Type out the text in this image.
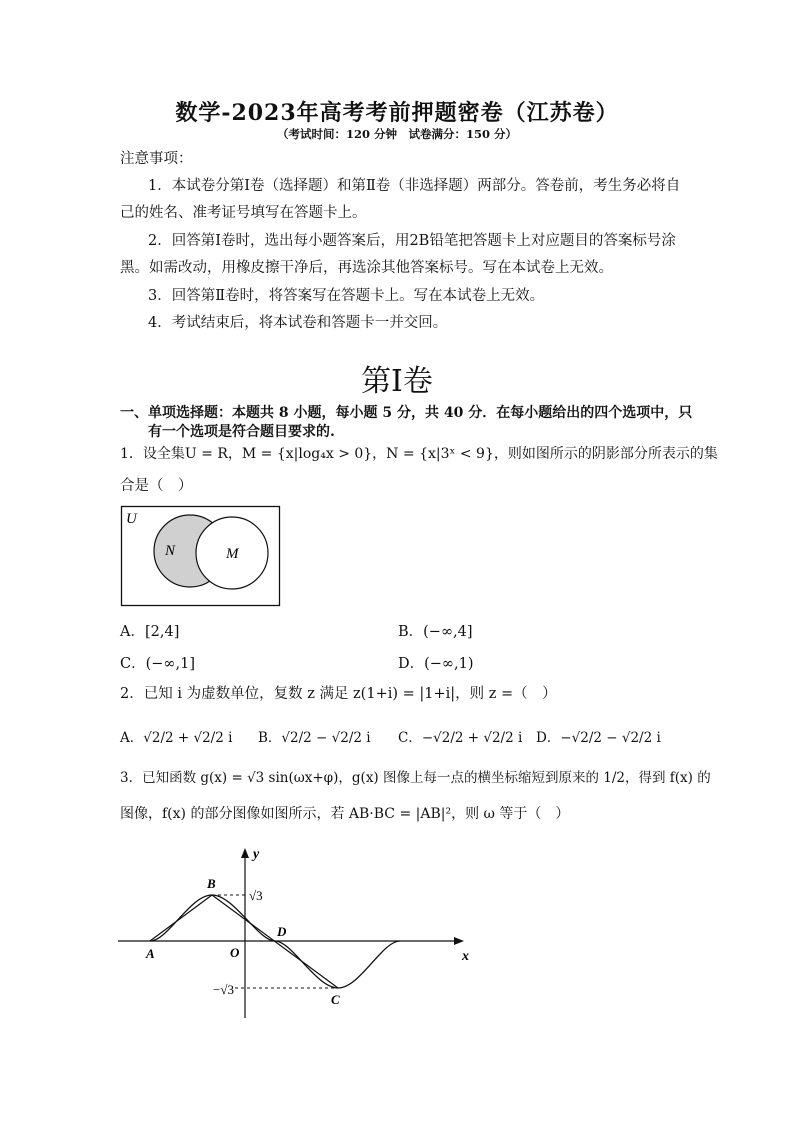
数学-2023年高考考前押题密卷（江苏卷）
（考试时间：120 分钟　试卷满分：150 分）
注意事项：
1．本试卷分第Ⅰ卷（选择题）和第Ⅱ卷（非选择题）两部分。答卷前，考生务必将自
己的姓名、准考证号填写在答题卡上。
2．回答第Ⅰ卷时，选出每小题答案后，用2B铅笔把答题卡上对应题目的答案标号涂
黑。如需改动，用橡皮擦干净后，再选涂其他答案标号。写在本试卷上无效。
3．回答第Ⅱ卷时，将答案写在答题卡上。写在本试卷上无效。
4．考试结束后，将本试卷和答题卡一并交回。
第Ⅰ卷
一、单项选择题：本题共 8 小题，每小题 5 分，共 40 分．在每小题给出的四个选项中，只
有一个选项是符合题目要求的.
1．设全集U = R，M = {x|log₄x > 0}，N = {x|3ˣ < 9}，则如图所示的阴影部分所表示的集
合是（　）
U
N	M
A．[2,4]	B．(−∞,4]
C．(−∞,1]	D．(−∞,1)
2．已知 i 为虚数单位，复数 z 满足 z(1+i) = |1+i|，则 z =（　）
A．√2/2 + √2/2 i B．√2/2 − √2/2 i C．−√2/2 + √2/2 i D．−√2/2 − √2/2 i
3．已知函数 g(x) = √3 sin(ωx+φ)，g(x) 图像上每一点的横坐标缩短到原来的 1/2，得到 f(x) 的
图像，f(x) 的部分图像如图所示，若 AB·BC = |AB|²，则 ω 等于（　）
y
x
O
A
B
C
D
√3
−√3
